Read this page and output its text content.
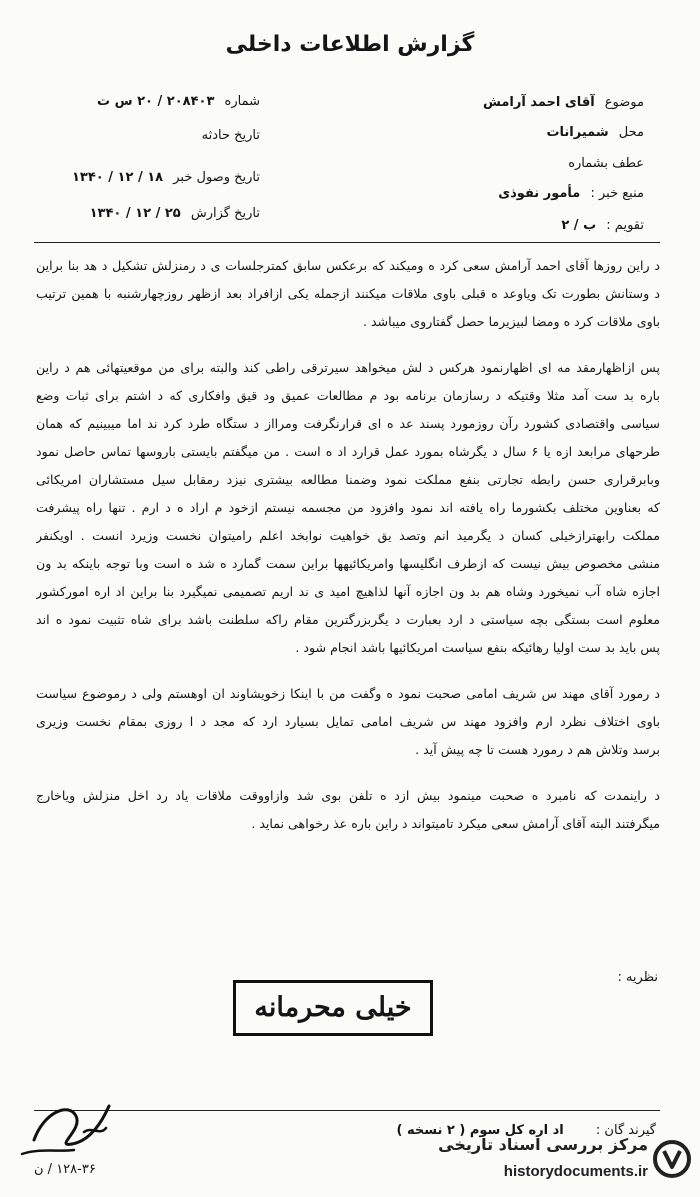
گزارش اطلاعات داخلی
موضوع آقای احمد آرامش
محل شمیرانات
عطف بشماره
منبع خبر : مأمور نفوذی
تقویم : ب / ۲
شماره ۲۰۸۴۰۳ / ۲۰ س ت
تاریخ حادثه
تاریخ وصول خبر ۱۸ / ۱۲ / ۱۳۴۰
تاریخ گزارش ۲۵ / ۱۲ / ۱۳۴۰
د راین روزها آقای احمد آرامش سعی کرد ه ومیکند که برعکس سابق کمترجلسات ی د رمنزلش تشکیل د هد بنا براین
د وستانش بطورت تک ویاوعد ه قبلی باوی ملاقات میکنند ازجمله یکی ازافراد بعد ازظهر روزچهارشنبه با همین ترتیب
باوی ملاقات کرد ه ومضا لبیزیرما حصل گفتاروی میباشد .
پس ازاظهارمقد مه ای اظهارنمود هرکس د لش میخواهد سیرترقی راطی کند والبته برای من موقعیتهائی هم د راین
باره بد ست آمد مثلا وقتیکه د رسازمان برنامه بود م مطالعات عمیق ود قیق وافکاری که د اشتم برای ثبات وضع
سیاسی واقتصادی کشورد رآن روزمورد پسند عد ه ای قرارنگرفت ومرااز د ستگاه طرد کرد ند اما میبینیم که همان
طرحهای مرابعد ازه یا ۶ سال د یگرشاه بمورد عمل قرارد اد ه است . من میگفتم بایستی باروسها تماس حاصل نمود
وبابرقراری حسن رابطه تجارتی بنفع مملکت نمود وضمنا مطالعه بیشتری نیزد رمقابل سیل مستشاران امریکائی
که بعناوین مختلف بکشورما راه یافته اند نمود وافزود من مجسمه نیستم ازخود م اراد ه د ارم . تنها راه پیشرفت
مملکت رابهترازخیلی کسان د یگرمید انم وتصد یق خواهیت نوابخد اعلم رامیتوان نخست وزیرد انست . اویکنفر
منشی مخصوص بیش نیست که ازطرف انگلیسها وامریکائیهها براین سمت گمارد ه شد ه است وبا توجه باینکه بد ون
اجازه شاه آب نمیخورد وشاه هم بد ون اجازه آنها لذاهیچ امید ی ند اریم تصمیمی نمیگیرد بنا براین اد اره امورکشور
معلوم است بستگی بچه سیاستی د ارد بعبارت د یگربزرگترین مقام راکه سلطنت باشد برای شاه تثبیت نمود ه اند
پس باید بد ست اولیا رهائیکه بنفع سیاست امریکائیها باشد انجام شود .
د رمورد آقای مهند س شریف امامی صحبت نمود ه وگفت من با اینکا زخویشاوند ان اوهستم ولی د رموضوع سیاست
باوی اختلاف نظرد ارم وافزود مهند س شریف امامی تمایل بسیارد ارد که مجد د ا روزی بمقام نخست وزیری
برسد وتلاش هم د رمورد هست تا چه پیش آید .
د راینمدت که نامبرد ه صحبت مینمود بیش ازد ه تلفن بوی شد وازاووقت ملاقات یاد رد اخل منزلش ویاخارج
میگرفتند البته آقای آرامش سعی میکرد تامیتواند د راین باره عذ رخواهی نماید .
نظریه :
خیلی محرمانه
گیرند گان : اد اره کل سوم ( ۲ نسخه )
۱۲۸-۳۶ / ن
مرکز بررسی اسناد تاریخی
historydocuments.ir
